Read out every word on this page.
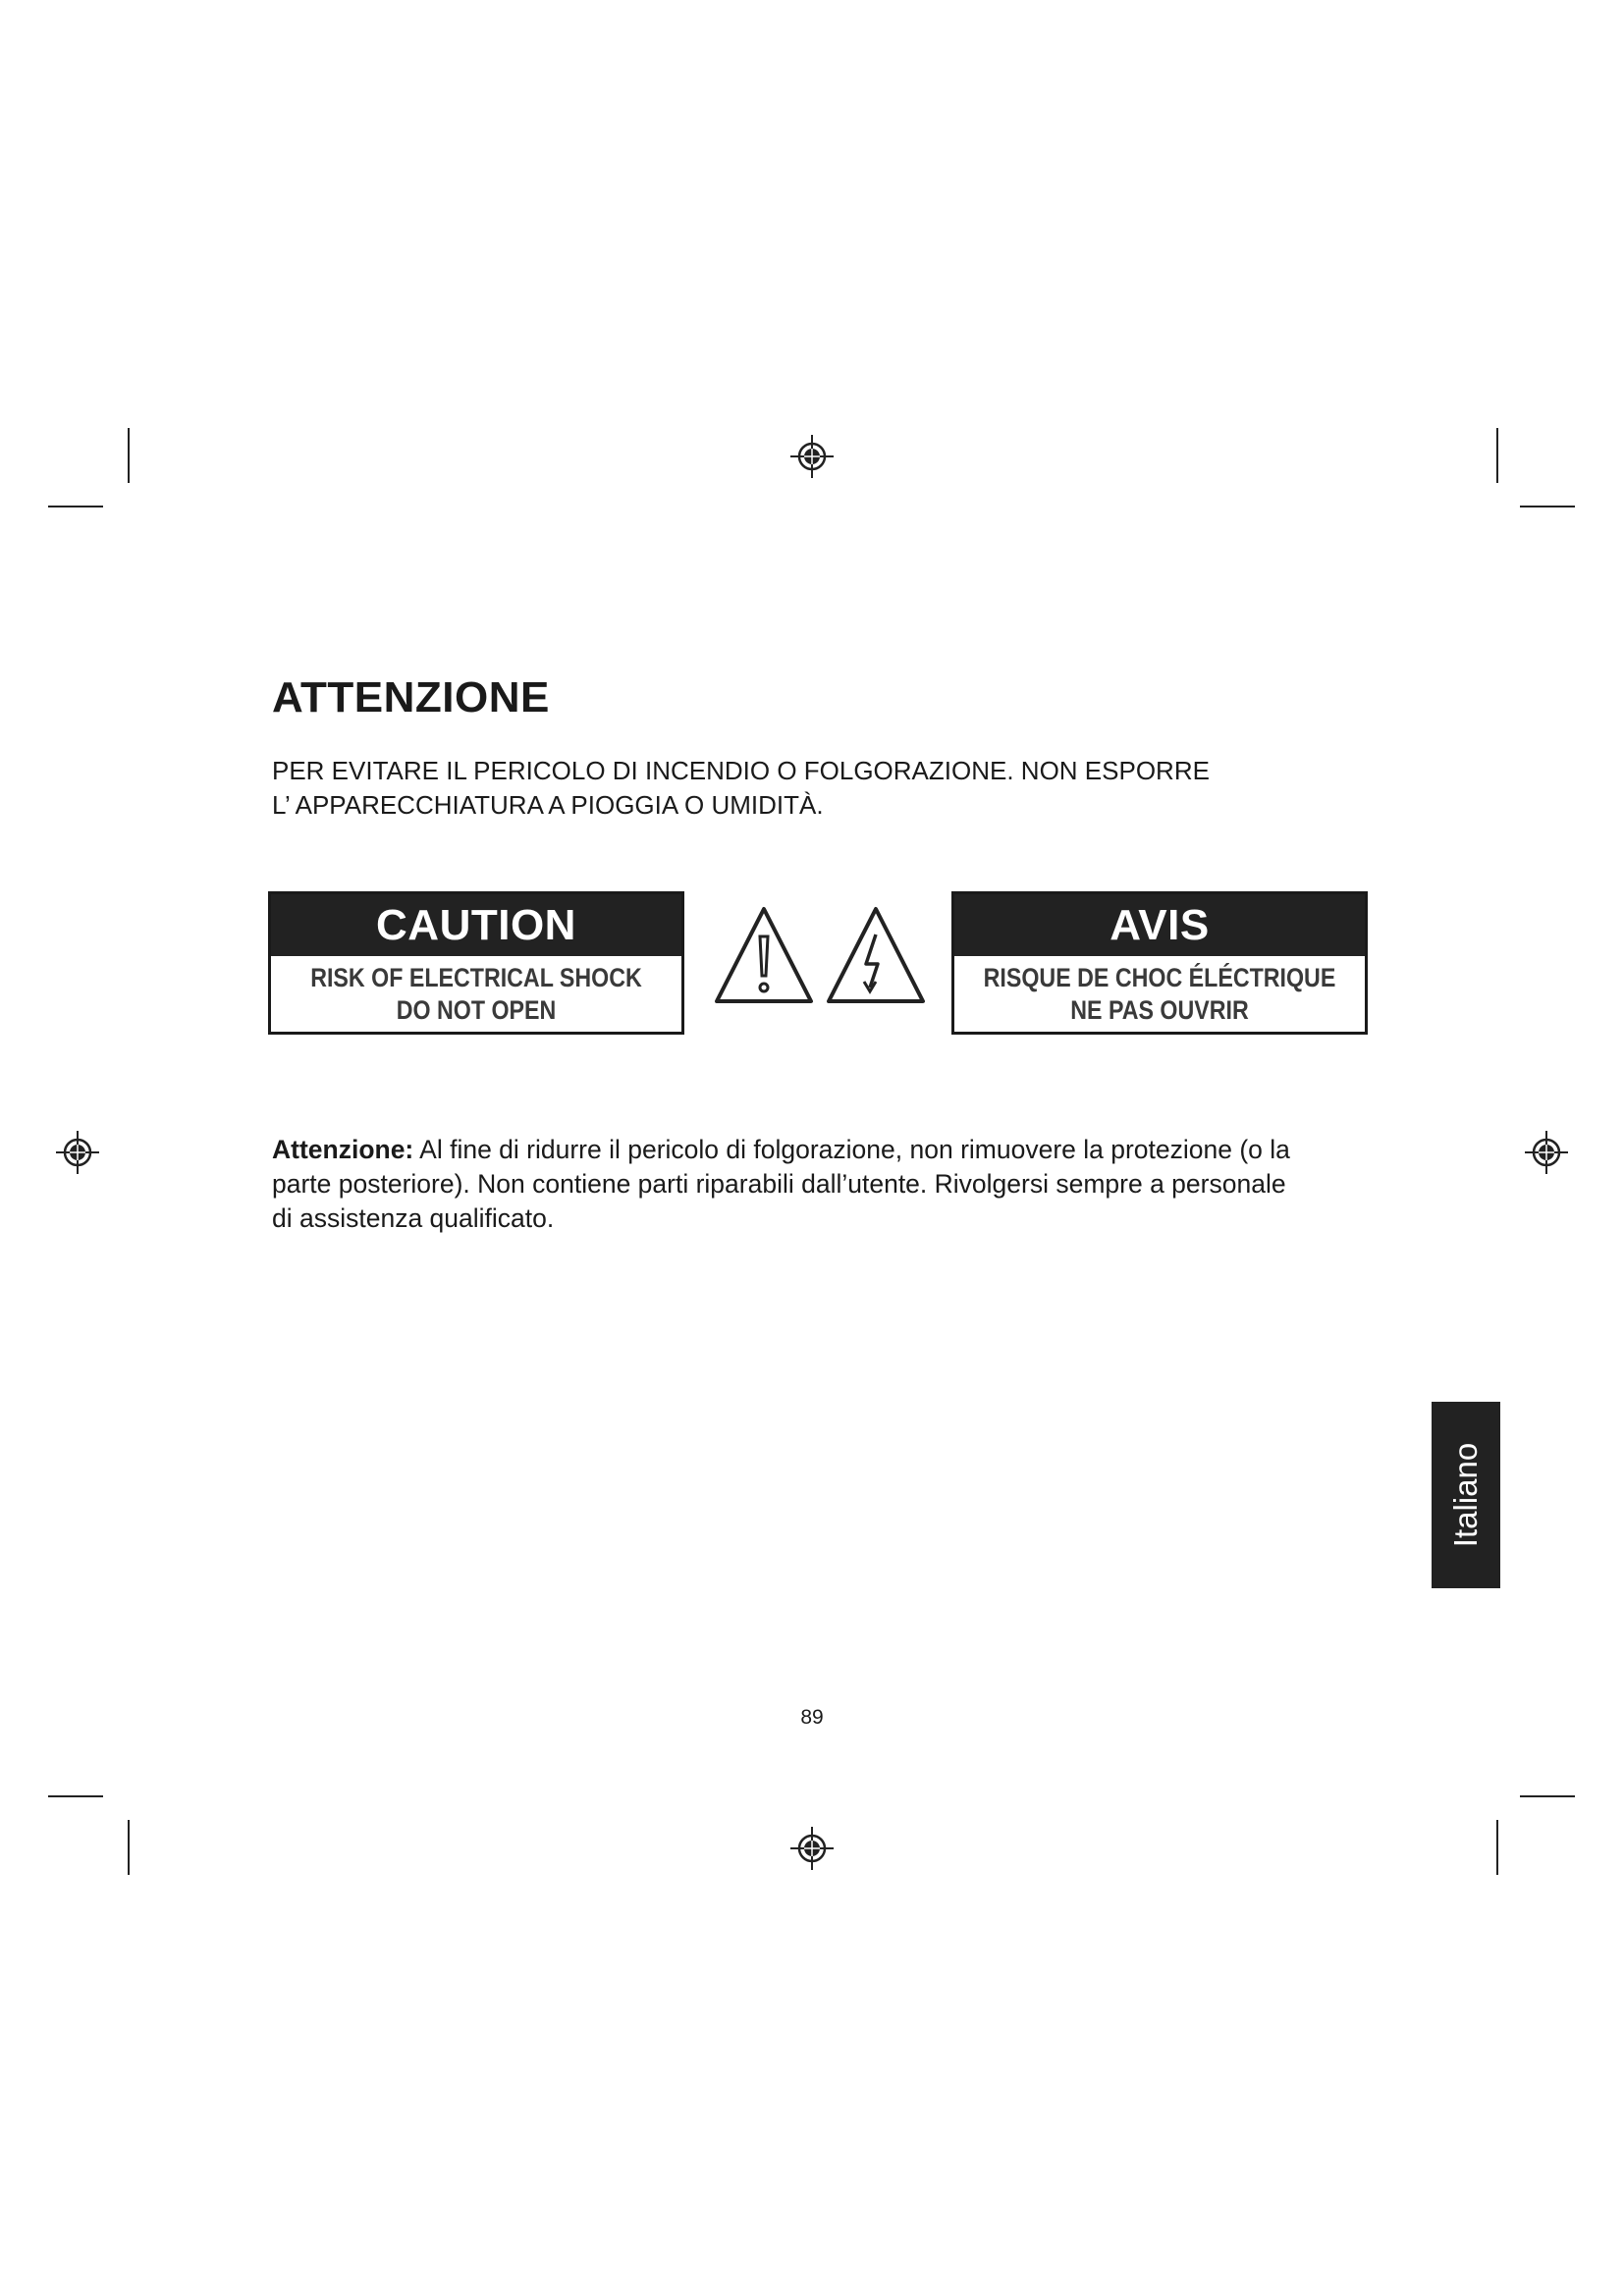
ATTENZIONE
PER EVITARE IL PERICOLO DI INCENDIO O FOLGORAZIONE. NON ESPORRE
L’ APPARECCHIATURA A PIOGGIA O UMIDITÀ.
CAUTION
RISK OF ELECTRICAL SHOCK
DO NOT OPEN
AVIS
RISQUE DE CHOC ÉLÉCTRIQUE
NE PAS OUVRIR
Attenzione: Al fine di ridurre il pericolo di folgorazione, non rimuovere la protezione (o la
parte posteriore). Non contiene parti riparabili dall’utente. Rivolgersi sempre a personale
di assistenza qualificato.
Italiano
89
